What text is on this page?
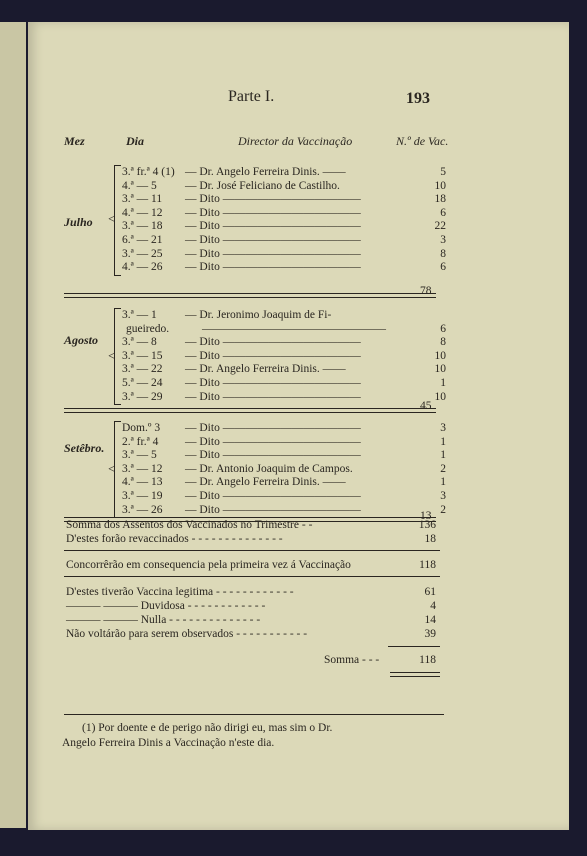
Parte I.	193
Mez	Dia	Director da Vaccinação	N.º de Vac.
<
Julho
3.ª fr.ª 4 (1) — Dr. Angelo Ferreira Dinis. ——	5
4.ª — 5 — Dr. José Feliciano de Castilho.	10
3.ª — 11 — Dito ————————————	18
4.ª — 12 — Dito ————————————	6
3.ª — 18 — Dito ————————————	22
6.ª — 21 — Dito ————————————	3
3.ª — 25 — Dito ————————————	8
4.ª — 26 — Dito ————————————	6
78
<
Agosto
3.ª — 1 — Dr. Jeronimo Joaquim de Fi-
gueiredo.	————————————————	6
3.ª — 8 — Dito ————————————	8
3.ª — 15 — Dito ————————————	10
3.ª — 22 — Dr. Angelo Ferreira Dinis. ——	10
5.ª — 24 — Dito ————————————	1
3.ª — 29 — Dito ————————————	10
45
<
Setêbro.
Dom.º 3 — Dito ————————————	3
2.ª fr.ª 4 — Dito ————————————	1
3.ª — 5 — Dito ————————————	1
3.ª — 12 — Dr. Antonio Joaquim de Campos.	2
4.ª — 13 — Dr. Angelo Ferreira Dinis. ——	1
3.ª — 19 — Dito ————————————	3
3.ª — 26 — Dito ————————————	2
13
Somma dos Assentos dos Vaccinados no Trimestre - -	136
D'estes forão revaccinados - - - - - - - - - - - - - -	18
Concorrêrão em consequencia pela primeira vez á Vaccinação	118
D'estes tiverão Vaccina legitima - - - - - - - - - - - -	61
——— ——— Duvidosa - - - - - - - - - - - -	4
——— ——— Nulla - - - - - - - - - - - - - -	14
Não voltárão para serem observados - - - - - - - - - - -	39
Somma - - -	118
(1) Por doente e de perigo não dirigi eu, mas sim o Dr.
Angelo Ferreira Dinis a Vaccinação n'este dia.
